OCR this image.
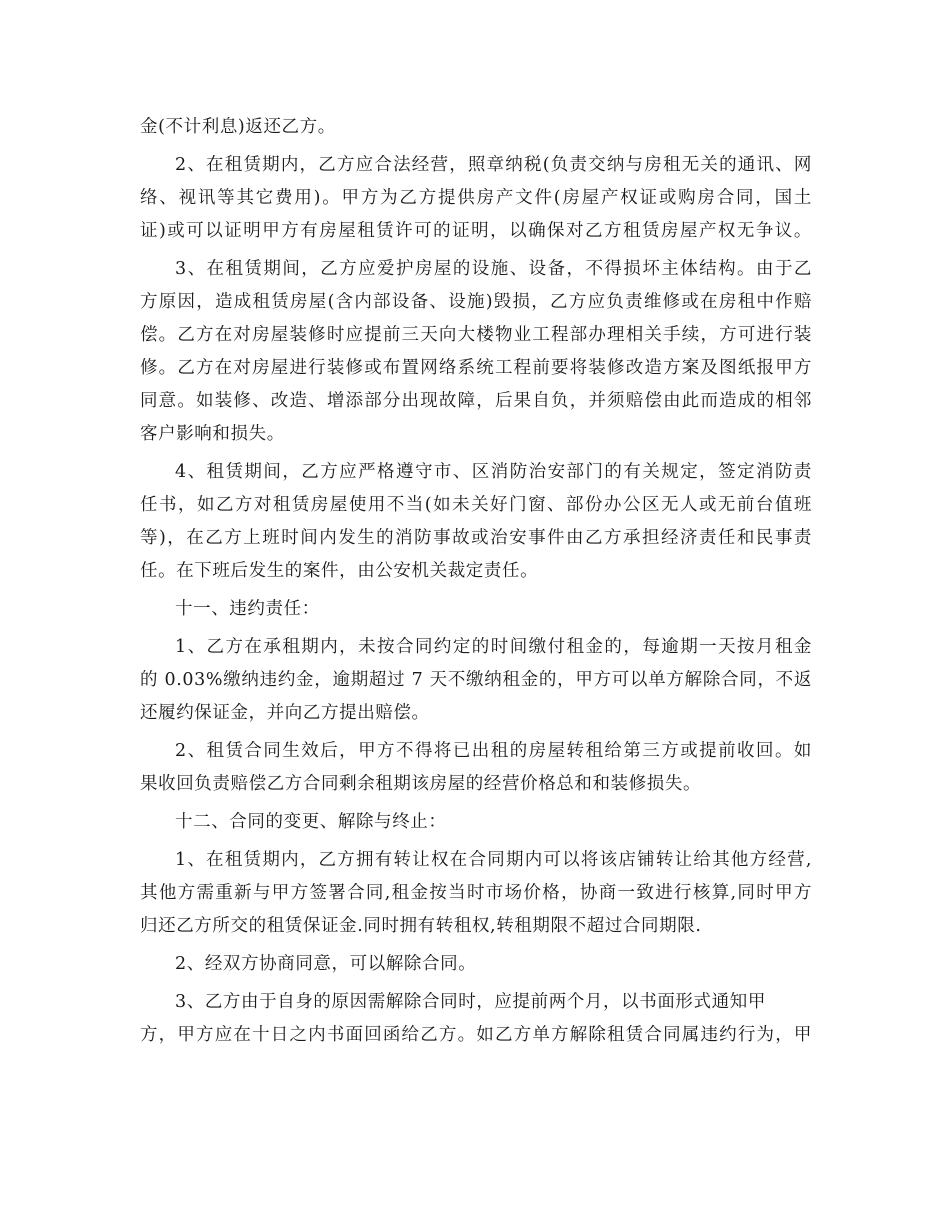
金(不计利息)返还乙方。
2、在租赁期内，乙方应合法经营，照章纳税(负责交纳与房租无关的通讯、网
络、视讯等其它费用)。甲方为乙方提供房产文件(房屋产权证或购房合同，国土
证)或可以证明甲方有房屋租赁许可的证明，以确保对乙方租赁房屋产权无争议。
3、在租赁期间，乙方应爱护房屋的设施、设备，不得损坏主体结构。由于乙
方原因，造成租赁房屋(含内部设备、设施)毁损，乙方应负责维修或在房租中作赔
偿。乙方在对房屋装修时应提前三天向大楼物业工程部办理相关手续，方可进行装
修。乙方在对房屋进行装修或布置网络系统工程前要将装修改造方案及图纸报甲方
同意。如装修、改造、增添部分出现故障，后果自负，并须赔偿由此而造成的相邻
客户影响和损失。
4、租赁期间，乙方应严格遵守市、区消防治安部门的有关规定，签定消防责
任书，如乙方对租赁房屋使用不当(如未关好门窗、部份办公区无人或无前台值班
等)，在乙方上班时间内发生的消防事故或治安事件由乙方承担经济责任和民事责
任。在下班后发生的案件，由公安机关裁定责任。
十一、违约责任：
1、乙方在承租期内，未按合同约定的时间缴付租金的，每逾期一天按月租金
的 0.03%缴纳违约金，逾期超过 7 天不缴纳租金的，甲方可以单方解除合同，不返
还履约保证金，并向乙方提出赔偿。
2、租赁合同生效后，甲方不得将已出租的房屋转租给第三方或提前收回。如
果收回负责赔偿乙方合同剩余租期该房屋的经营价格总和和装修损失。
十二、合同的变更、解除与终止：
1、在租赁期内，乙方拥有转让权在合同期内可以将该店铺转让给其他方经营,
其他方需重新与甲方签署合同,租金按当时市场价格，协商一致进行核算,同时甲方
归还乙方所交的租赁保证金.同时拥有转租权,转租期限不超过合同期限.
2、经双方协商同意，可以解除合同。
3、乙方由于自身的原因需解除合同时，应提前两个月，以书面形式通知甲
方，甲方应在十日之内书面回函给乙方。如乙方单方解除租赁合同属违约行为，甲
